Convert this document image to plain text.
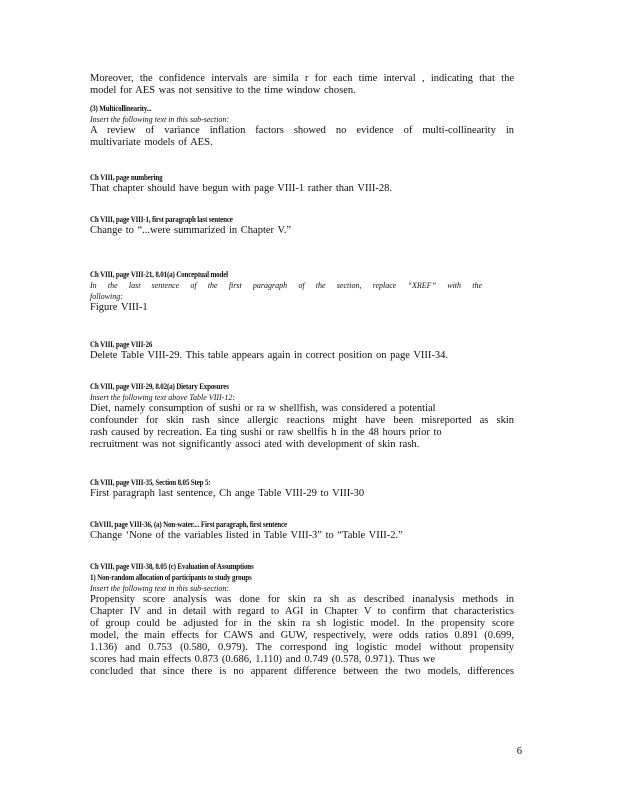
Moreover, the confidence intervals are simila r for each time interval , indicating that the
model for AES was not sensitive to the time window chosen.
(3) Multicollinearity...
Insert the following text in this sub-section:
A review of variance inflation factors showed no evidence of multi-collinearity in
multivariate models of AES.
Ch VIII, page numbering
That chapter should have begun with page VIII-1 rather than VIII-28.
Ch VIII, page VIII-1, first paragraph last sentence
Change to “...were summarized in Chapter V.”
Ch VIII, page VIII-21, 8.01(a) Conceptual model
In the last sentence of the first paragraph of the section, replace “XREF” with the
following:
Figure VIII-1
Ch VIII, page VIII-26
Delete Table VIII-29. This table appears again in correct position on page VIII-34.
Ch VIII, page VIII-29, 8.02(a) Dietary Exposures
Insert the following text above Table VIII-12:
Diet, namely consumption of sushi or ra w shellfish, was considered a potential
confounder for skin rash since allergic reactions might have been misreported as skin
rash caused by recreation. Ea ting sushi or raw shellfis h in the 48 hours prior to
recruitment was not significantly associ ated with development of skin rash.
Ch VIII, page VIII-35, Section 8.05 Step 5:
First paragraph last sentence, Ch ange Table VIII-29 to VIII-30
ChVIII, page VIII-36, (a) Non-water.... First paragraph, first sentence
Change ‘None of the variables listed in Table VIII-3” to “Table VIII-2.”
Ch VIII, page VIII-38, 8.05 (c) Evaluation of Assumptions
1) Non-random allocation of participants to study groups
Insert the following text in this sub-section:
Propensity score analysis was done for skin ra sh as described inanalysis methods in
Chapter IV and in detail with regard to AGI in Chapter V to confirm that characteristics
of group could be adjusted for in the skin ra sh logistic model. In the propensity score
model, the main effects for CAWS and GUW, respectively, were odds ratios 0.891 (0.699,
1.136) and 0.753 (0.580, 0.979). The correspond ing logistic model without propensity
scores had main effects 0.873 (0.686, 1.110) and 0.749 (0.578, 0.971). Thus we
concluded that since there is no apparent difference between the two models, differences
6
